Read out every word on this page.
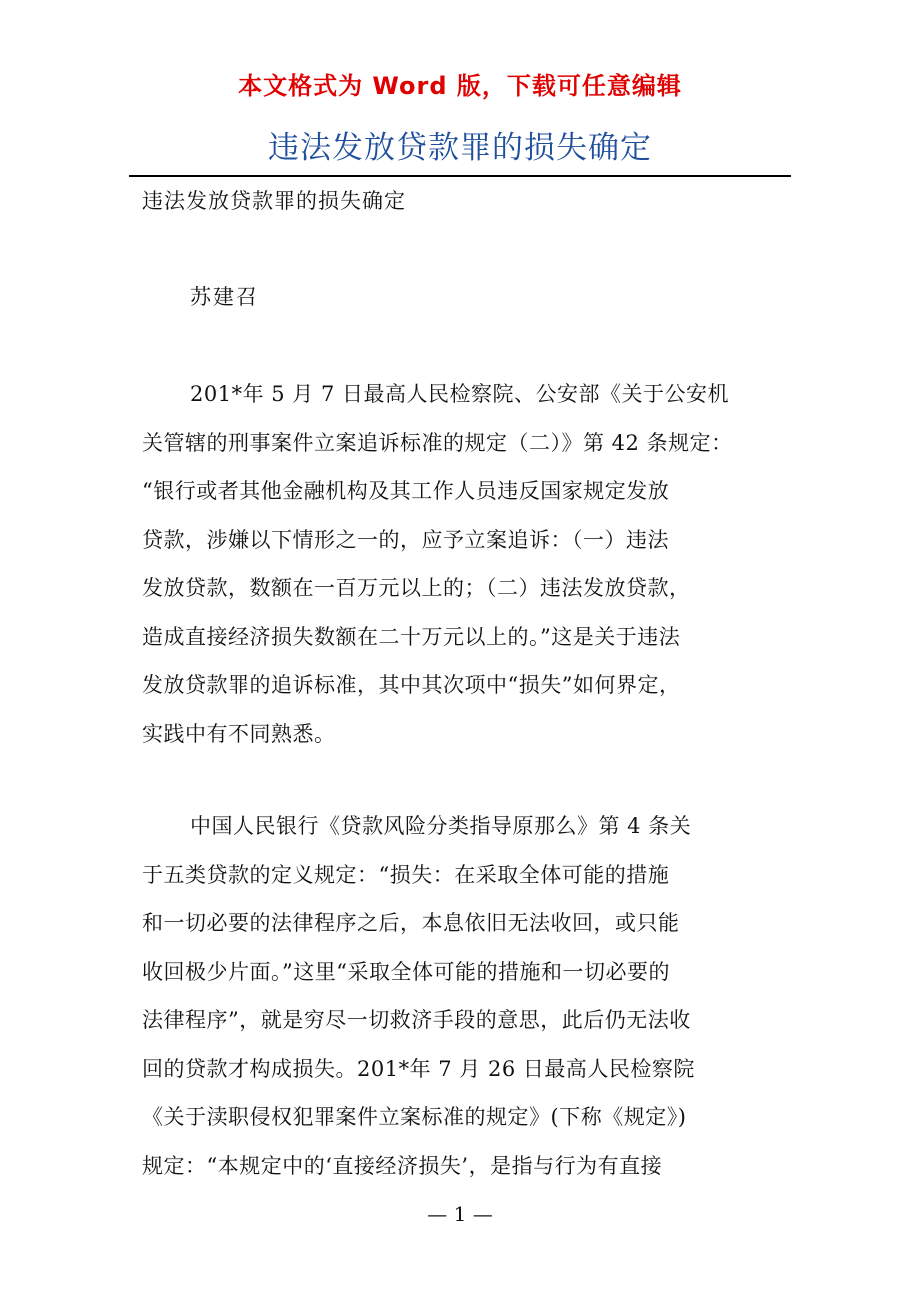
本文格式为 Word 版，下载可任意编辑
违法发放贷款罪的损失确定
违法发放贷款罪的损失确定
苏建召
201*年 5 月 7 日最高人民检察院、公安部《关于公安机
关管辖的刑事案件立案追诉标准的规定（二）》第 42 条规定：
“银行或者其他金融机构及其工作人员违反国家规定发放
贷款，涉嫌以下情形之一的，应予立案追诉：（一）违法
发放贷款，数额在一百万元以上的；（二）违法发放贷款，
造成直接经济损失数额在二十万元以上的。”这是关于违法
发放贷款罪的追诉标准，其中其次项中“损失”如何界定，
实践中有不同熟悉。
中国人民银行《贷款风险分类指导原那么》第 4 条关
于五类贷款的定义规定：“损失：在采取全体可能的措施
和一切必要的法律程序之后，本息依旧无法收回，或只能
收回极少片面。”这里“采取全体可能的措施和一切必要的
法律程序”，就是穷尽一切救济手段的意思，此后仍无法收
回的贷款才构成损失。201*年 7 月 26 日最高人民检察院
《关于渎职侵权犯罪案件立案标准的规定》(下称《规定》)
规定：“本规定中的‘直接经济损失’，是指与行为有直接
— 1 —
